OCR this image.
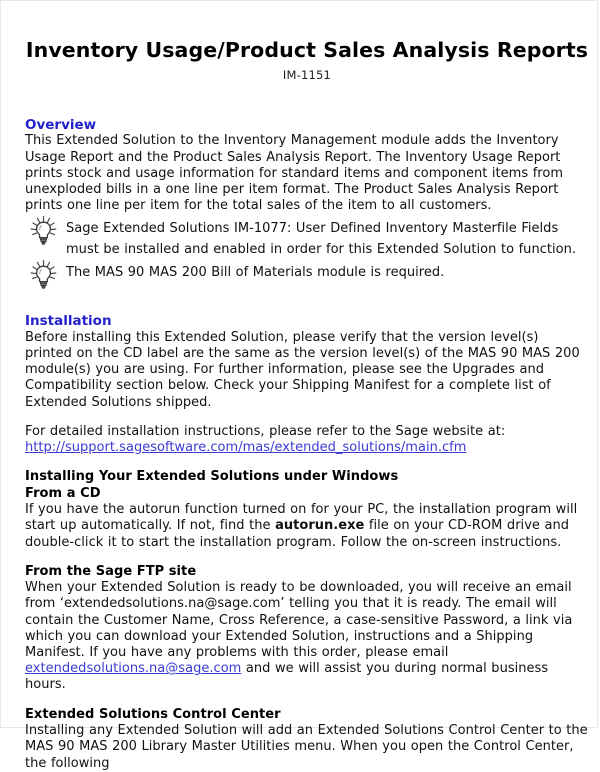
Inventory Usage/Product Sales Analysis Reports
IM-1151
Overview
This Extended Solution to the Inventory Management module adds the Inventory Usage Report and the Product Sales Analysis Report. The Inventory Usage Report prints stock and usage information for standard items and component items from unexploded bills in a one line per item format. The Product Sales Analysis Report prints one line per item for the total sales of the item to all customers.
Sage Extended Solutions IM-1077: User Defined Inventory Masterfile Fields must be installed and enabled in order for this Extended Solution to function.
The MAS 90 MAS 200 Bill of Materials module is required.
Installation
Before installing this Extended Solution, please verify that the version level(s) printed on the CD label are the same as the version level(s) of the MAS 90 MAS 200 module(s) you are using. For further information, please see the Upgrades and Compatibility section below. Check your Shipping Manifest for a complete list of Extended Solutions shipped.
For detailed installation instructions, please refer to the Sage website at:
http://support.sagesoftware.com/mas/extended_solutions/main.cfm
Installing Your Extended Solutions under Windows
From a CD
If you have the autorun function turned on for your PC, the installation program will start up automatically. If not, find the autorun.exe file on your CD-ROM drive and double-click it to start the installation program. Follow the on-screen instructions.
From the Sage FTP site
When your Extended Solution is ready to be downloaded, you will receive an email from ‘extendedsolutions.na@sage.com’ telling you that it is ready. The email will contain the Customer Name, Cross Reference, a case-sensitive Password, a link via which you can download your Extended Solution, instructions and a Shipping Manifest. If you have any problems with this order, please email extendedsolutions.na@sage.com and we will assist you during normal business hours.
Extended Solutions Control Center
Installing any Extended Solution will add an Extended Solutions Control Center to the MAS 90 MAS 200 Library Master Utilities menu. When you open the Control Center, the following
